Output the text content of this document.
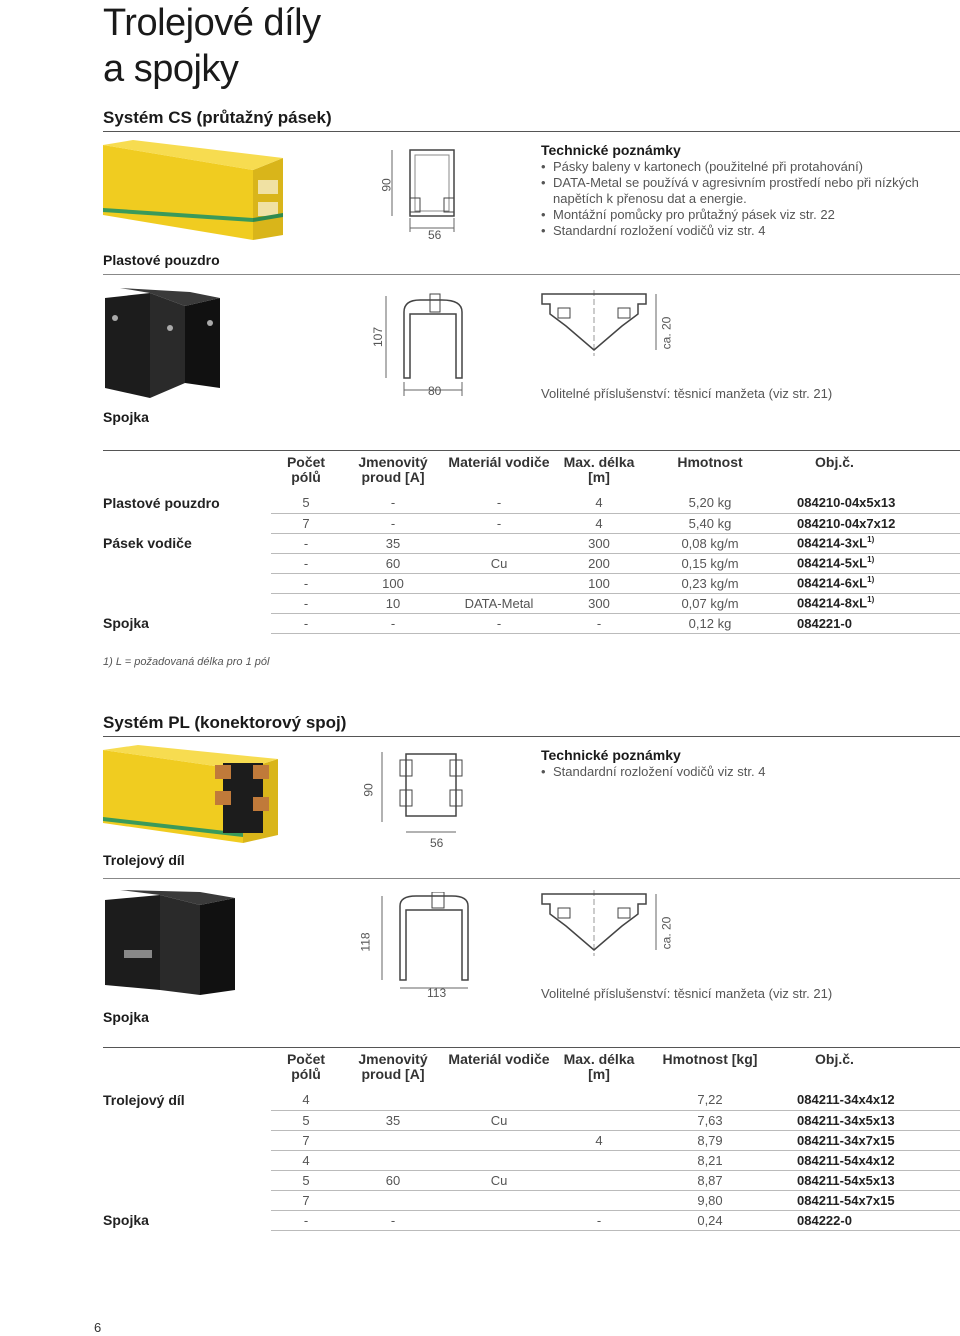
Trolejové díly
a spojky
Systém CS (průtažný pásek)
90
56
Technické poznámky
• Pásky baleny v kartonech (použitelné při protahování)
• DATA-Metal se používá v agresivním prostředí nebo při nízkých napětích k přenosu dat a energie.
• Montážní pomůcky pro průtažný pásek viz str. 22
• Standardní rozložení vodičů viz str. 4
Plastové pouzdro
107
80
ca. 20
Volitelné příslušenství: těsnicí manžeta (viz str. 21)
Spojka
	Počet pólů	Jmenovitý proud [A]	Materiál vodiče	Max. délka [m]	Hmotnost	Obj.č.
Plastové pouzdro	5	-	-	4	5,20 kg	084210-04x5x13
	7	-	-	4	5,40 kg	084210-04x7x12
Pásek vodiče	-	35		300	0,08 kg/m	$084214-3xL^{1)}$
	-	60	Cu	200	0,15 kg/m	$084214-5xL^{1)}$
	-	100		100	0,23 kg/m	$084214-6xL^{1)}$
	-	10	DATA-Metal	300	0,07 kg/m	$084214-8xL^{1)}$
Spojka	-	-	-	-	0,12 kg	084221-0
1) L = požadovaná délka pro 1 pól
Systém PL (konektorový spoj)
90
56
Technické poznámky
• Standardní rozložení vodičů viz str. 4
Trolejový díl
118
113
ca. 20
Volitelné příslušenství: těsnicí manžeta (viz str. 21)
Spojka
	Počet pólů	Jmenovitý proud [A]	Materiál vodiče	Max. délka [m]	Hmotnost [kg]	Obj.č.
Trolejový díl	4				7,22	084211-34x4x12
	5	35	Cu		7,63	084211-34x5x13
	7			4	8,79	084211-34x7x15
	4				8,21	084211-54x4x12
	5	60	Cu		8,87	084211-54x5x13
	7				9,80	084211-54x7x15
Spojka	-	-		-	0,24	084222-0
6
